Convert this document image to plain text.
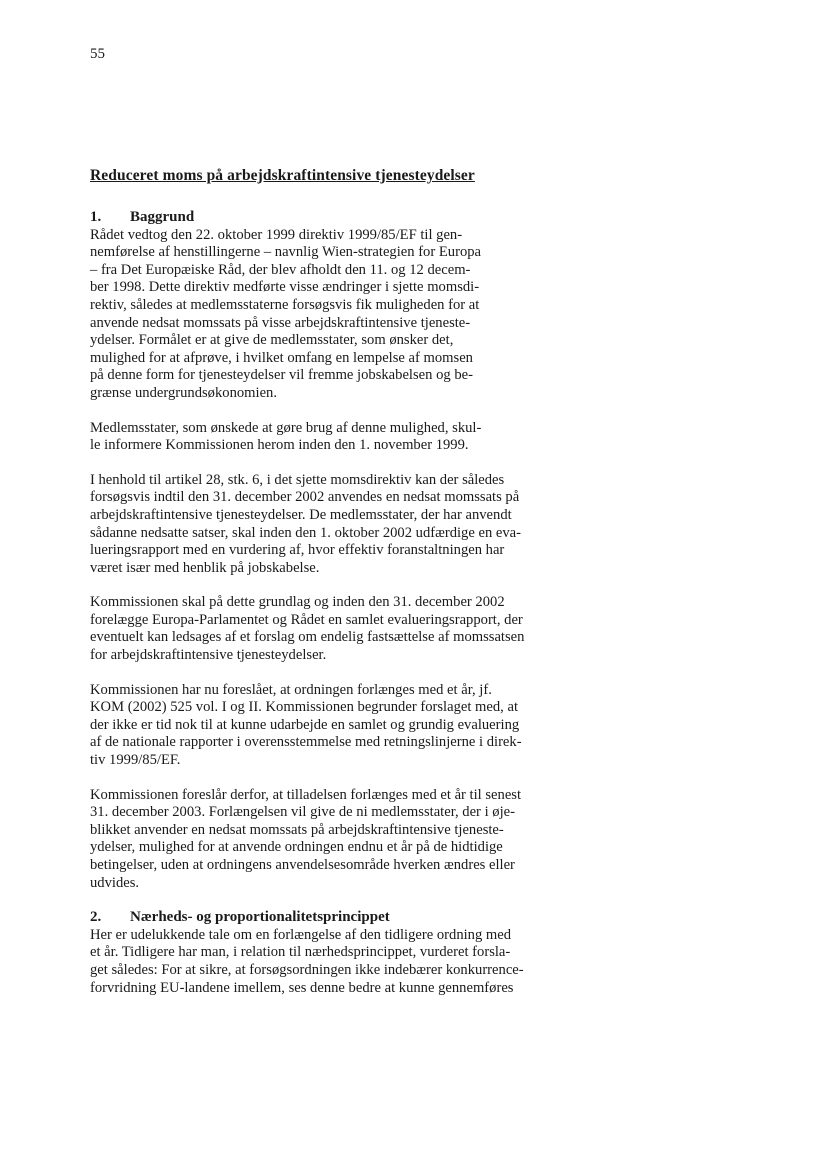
55
Reduceret moms på arbejdskraftintensive tjenesteydelser
1. Baggrund

Rådet vedtog den 22. oktober 1999 direktiv 1999/85/EF til gen-
nemførelse af henstillingerne – navnlig Wien-strategien for Europa
– fra Det Europæiske Råd, der blev afholdt den 11. og 12 decem-
ber 1998. Dette direktiv medførte visse ændringer i sjette momsdi-
rektiv, således at medlemsstaterne forsøgsvis fik muligheden for at
anvende nedsat momssats på visse arbejdskraftintensive tjeneste-
ydelser. Formålet er at give de medlemsstater, som ønsker det,
mulighed for at afprøve, i hvilket omfang en lempelse af momsen
på denne form for tjenesteydelser vil fremme jobskabelsen og be-
grænse undergrundsøkonomien.

Medlemsstater, som ønskede at gøre brug af denne mulighed, skul-
le informere Kommissionen herom inden den 1. november 1999.

I henhold til artikel 28, stk. 6, i det sjette momsdirektiv kan der således
forsøgsvis indtil den 31. december 2002 anvendes en nedsat momssats på
arbejdskraftintensive tjenesteydelser. De medlemsstater, der har anvendt
sådanne nedsatte satser, skal inden den 1. oktober 2002 udfærdige en eva-
lueringsrapport med en vurdering af, hvor effektiv foranstaltningen har
været især med henblik på jobskabelse.

Kommissionen skal på dette grundlag og inden den 31. december 2002
forelægge Europa-Parlamentet og Rådet en samlet evalueringsrapport, der
eventuelt kan ledsages af et forslag om endelig fastsættelse af momssatsen
for arbejdskraftintensive tjenesteydelser.

Kommissionen har nu foreslået, at ordningen forlænges med et år, jf.
KOM (2002) 525 vol. I og II. Kommissionen begrunder forslaget med, at
der ikke er tid nok til at kunne udarbejde en samlet og grundig evaluering
af de nationale rapporter i overensstemmelse med retningslinjerne i direk-
tiv 1999/85/EF.

Kommissionen foreslår derfor, at tilladelsen forlænges med et år til senest
31. december 2003. Forlængelsen vil give de ni medlemsstater, der i øje-
blikket anvender en nedsat momssats på arbejdskraftintensive tjeneste-
ydelser, mulighed for at anvende ordningen endnu et år på de hidtidige
betingelser, uden at ordningens anvendelsesområde hverken ændres eller
udvides.

2. Nærheds- og proportionalitetsprincippet

Her er udelukkende tale om en forlængelse af den tidligere ordning med
et år. Tidligere har man, i relation til nærhedsprincippet, vurderet forsla-
get således: For at sikre, at forsøgsordningen ikke indebærer konkurrence-
forvridning EU-landene imellem, ses denne bedre at kunne gennemføres
